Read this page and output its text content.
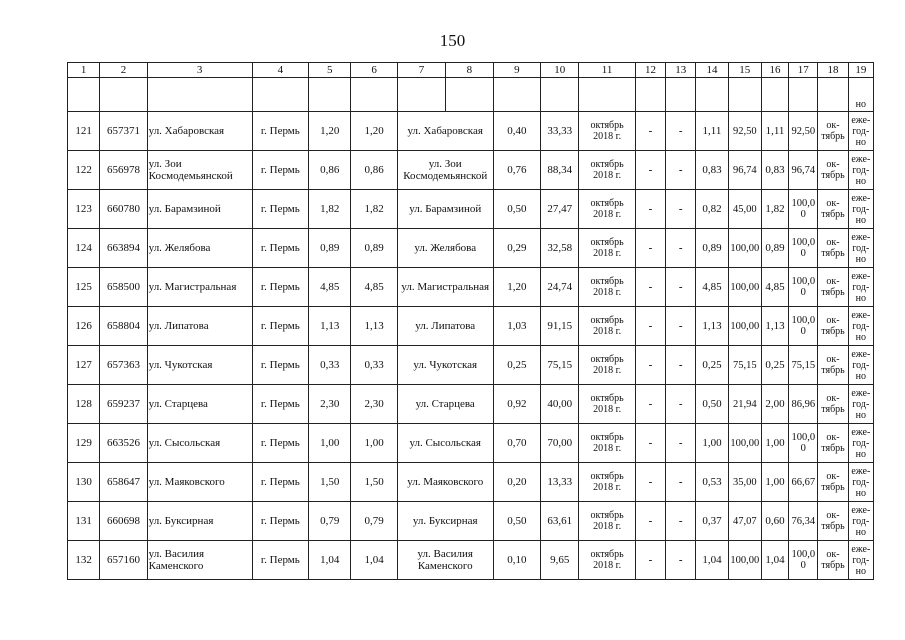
150
1	2	3	4	5	6	7	8	9	10	11	12	13	14	15	16	17	18	19
																		но
121	657371	ул. Хабаровская	г. Пермь	1,20	1,20	ул. Хабаровская		0,40	33,33	октябрь 2018 г.	-	-	1,11	92,50	1,11	92,50	ок-тябрь	еже-год-но
122	656978	ул. Зои Космодемьянской	г. Пермь	0,86	0,86	ул. Зои Космодемьянской		0,76	88,34	октябрь 2018 г.	-	-	0,83	96,74	0,83	96,74	ок-тябрь	еже-год-но
123	660780	ул. Барамзиной	г. Пермь	1,82	1,82	ул. Барамзиной		0,50	27,47	октябрь 2018 г.	-	-	0,82	45,00	1,82	100,0 0	ок-тябрь	еже-год-но
124	663894	ул. Желябова	г. Пермь	0,89	0,89	ул. Желябова		0,29	32,58	октябрь 2018 г.	-	-	0,89	100,00	0,89	100,0 0	ок-тябрь	еже-год-но
125	658500	ул. Магистральная	г. Пермь	4,85	4,85	ул. Магистральная		1,20	24,74	октябрь 2018 г.	-	-	4,85	100,00	4,85	100,0 0	ок-тябрь	еже-год-но
126	658804	ул. Липатова	г. Пермь	1,13	1,13	ул. Липатова		1,03	91,15	октябрь 2018 г.	-	-	1,13	100,00	1,13	100,0 0	ок-тябрь	еже-год-но
127	657363	ул. Чукотская	г. Пермь	0,33	0,33	ул. Чукотская		0,25	75,15	октябрь 2018 г.	-	-	0,25	75,15	0,25	75,15	ок-тябрь	еже-год-но
128	659237	ул. Старцева	г. Пермь	2,30	2,30	ул. Старцева		0,92	40,00	октябрь 2018 г.	-	-	0,50	21,94	2,00	86,96	ок-тябрь	еже-год-но
129	663526	ул. Сысольская	г. Пермь	1,00	1,00	ул. Сысольская		0,70	70,00	октябрь 2018 г.	-	-	1,00	100,00	1,00	100,0 0	ок-тябрь	еже-год-но
130	658647	ул. Маяковского	г. Пермь	1,50	1,50	ул. Маяковского		0,20	13,33	октябрь 2018 г.	-	-	0,53	35,00	1,00	66,67	ок-тябрь	еже-год-но
131	660698	ул. Буксирная	г. Пермь	0,79	0,79	ул. Буксирная		0,50	63,61	октябрь 2018 г.	-	-	0,37	47,07	0,60	76,34	ок-тябрь	еже-год-но
132	657160	ул. Василия Каменского	г. Пермь	1,04	1,04	ул. Василия Каменского		0,10	9,65	октябрь 2018 г.	-	-	1,04	100,00	1,04	100,0 0	ок-тябрь	еже-год-но
